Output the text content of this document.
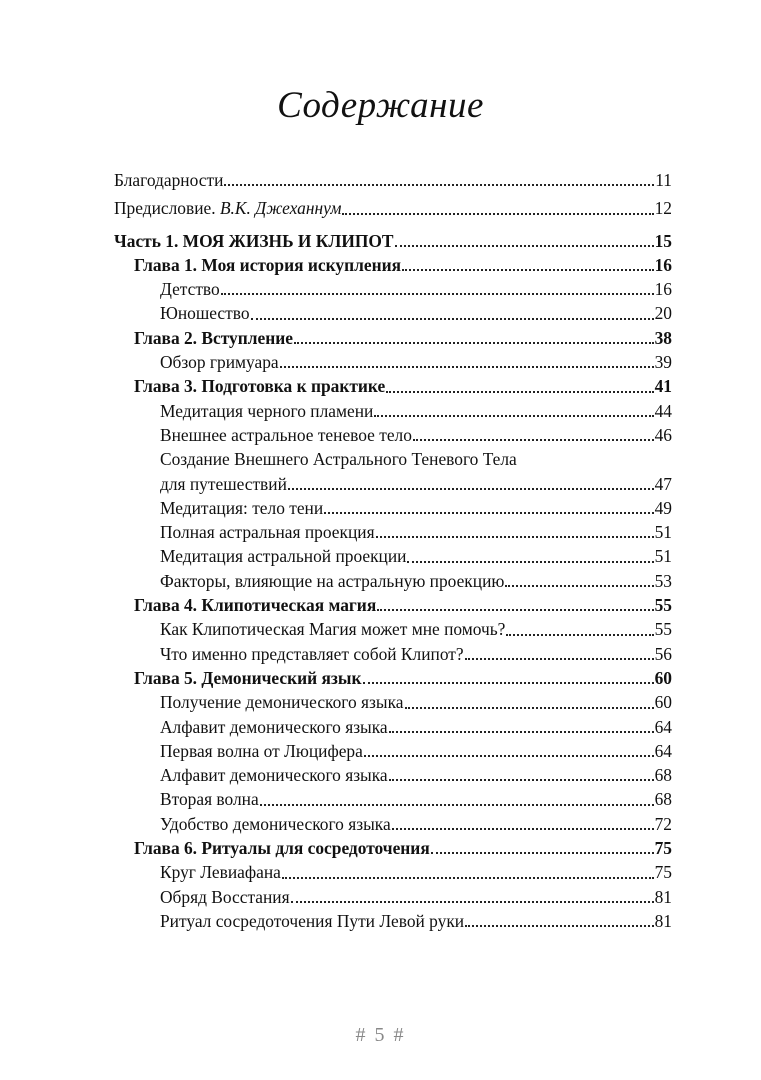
Содержание
Благодарности	11
Предисловие. В.К. Джеханнум	12
Часть 1. МОЯ ЖИЗНЬ И КЛИПОТ	15
Глава 1. Моя история искупления	16
Детство	16
Юношество	20
Глава 2. Вступление	38
Обзор гримуара	39
Глава 3. Подготовка к практике	41
Медитация черного пламени	44
Внешнее астральное теневое тело	46
Создание Внешнего Астрального Теневого Тела
для путешествий	47
Медитация: тело тени	49
Полная астральная проекция	51
Медитация астральной проекции	51
Факторы, влияющие на астральную проекцию	53
Глава 4. Клипотическая магия	55
Как Клипотическая Магия может мне помочь?	55
Что именно представляет собой Клипот?	56
Глава 5. Демонический язык	60
Получение демонического языка	60
Алфавит демонического языка	64
Первая волна от Люцифера	64
Алфавит демонического языка	68
Вторая волна	68
Удобство демонического языка	72
Глава 6. Ритуалы для сосредоточения	75
Круг Левиафана	75
Обряд Восстания	81
Ритуал сосредоточения Пути Левой руки	81
# 5 #
